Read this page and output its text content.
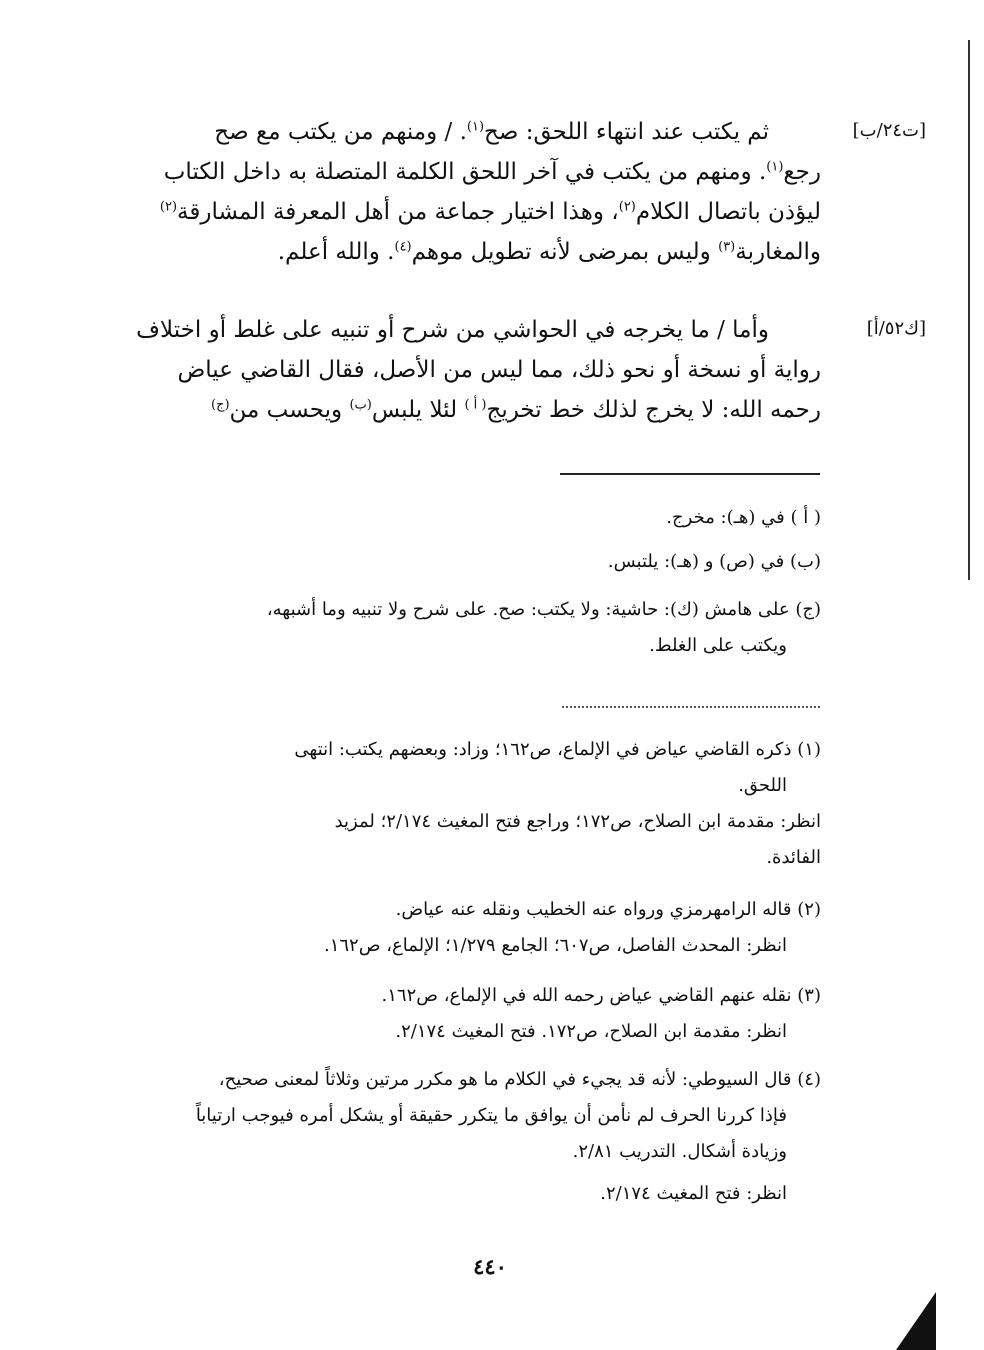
[ت٢٤/ب]
[ك٥٢/أ]
ثم يكتب عند انتهاء اللحق: صح$^{(١)}$. / ومنهم من يكتب مع صح
رجع$^{(١)}$. ومنهم من يكتب في آخر اللحق الكلمة المتصلة به داخل الكتاب
ليؤذن باتصال الكلام$^{(٢)}$، وهذا اختيار جماعة من أهل المعرفة المشارقة$^{(٢)}$
والمغاربة$^{(٣)}$ وليس بمرضى لأنه تطويل موهم$^{(٤)}$. والله أعلم.
وأما / ما يخرجه في الحواشي من شرح أو تنبيه على غلط أو اختلاف
رواية أو نسخة أو نحو ذلك، مما ليس من الأصل، فقال القاضي عياض
رحمه الله: لا يخرج لذلك خط تخريج$^{( أ )}$ لئلا يلبس$^{(ب)}$ ويحسب من$^{(ج)}$
( أ ) في (هـ): مخرج.
(ب) في (ص) و (هـ): يلتبس.
(ج) على هامش (ك): حاشية: ولا يكتب: صح. على شرح ولا تنبيه وما أشبهه،
ويكتب على الغلط.
(١) ذكره القاضي عياض في الإلماع، ص١٦٢؛ وزاد: وبعضهم يكتب: انتهى
اللحق.
انظر: مقدمة ابن الصلاح، ص١٧٢؛ وراجع فتح المغيث ٢/١٧٤؛ لمزيد
الفائدة.
(٢) قاله الرامهرمزي ورواه عنه الخطيب ونقله عنه عياض.
انظر: المحدث الفاصل، ص٦٠٧؛ الجامع ١/٢٧٩؛ الإلماع، ص١٦٢.
(٣) نقله عنهم القاضي عياض رحمه الله في الإلماع، ص١٦٢.
انظر: مقدمة ابن الصلاح، ص١٧٢. فتح المغيث ٢/١٧٤.
(٤) قال السيوطي: لأنه قد يجيء في الكلام ما هو مكرر مرتين وثلاثاً لمعنى صحيح،
فإذا كررنا الحرف لم نأمن أن يوافق ما يتكرر حقيقة أو يشكل أمره فيوجب ارتياباً
وزيادة أشكال. التدريب ٢/٨١.
انظر: فتح المغيث ٢/١٧٤.
٤٤٠
